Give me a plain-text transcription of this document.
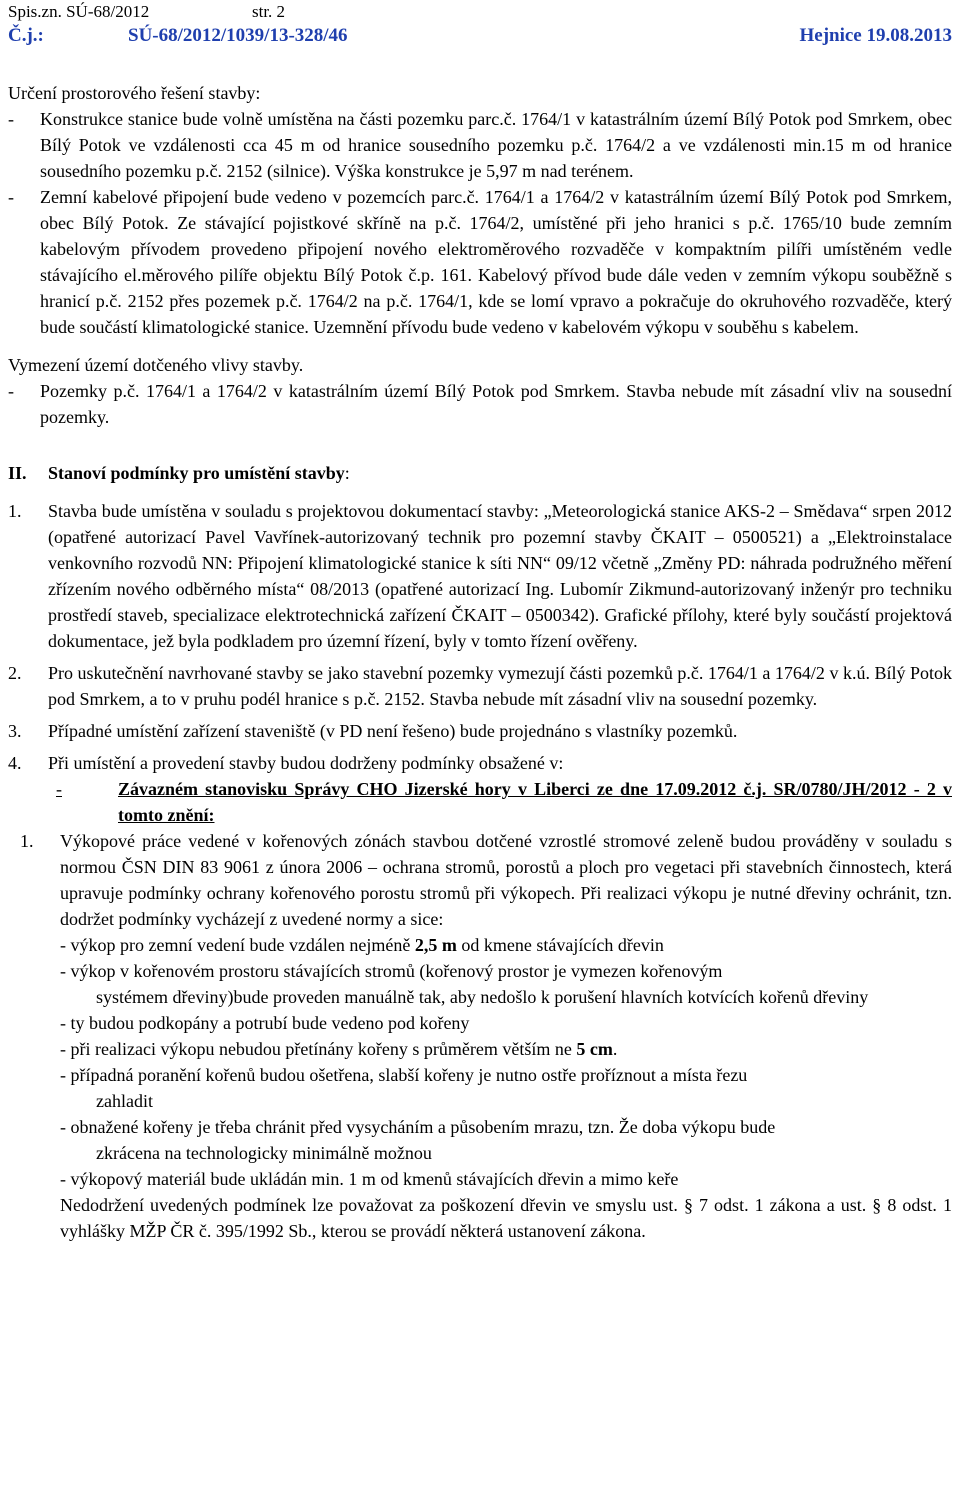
Spis.zn. SÚ-68/2012	str. 2
Č.j.:	SÚ-68/2012/1039/13-328/46	Hejnice 19.08.2013

Určení prostorového řešení stavby:

-	Konstrukce stanice bude volně umístěna na části pozemku parc.č. 1764/1 v katastrálním území Bílý Potok pod Smrkem, obec Bílý Potok ve vzdálenosti cca 45 m od hranice sousedního pozemku p.č. 1764/2 a ve vzdálenosti min.15 m od hranice sousedního pozemku p.č. 2152 (silnice). Výška konstrukce je 5,97 m nad terénem.
-	Zemní kabelové připojení bude vedeno v pozemcích parc.č. 1764/1 a 1764/2 v katastrálním území Bílý Potok pod Smrkem, obec Bílý Potok. Ze stávající pojistkové skříně na p.č. 1764/2, umístěné při jeho hranici s p.č. 1765/10 bude zemním kabelovým přívodem provedeno připojení nového elektroměrového rozvaděče v kompaktním pilíři umístěném vedle stávajícího el.měrového pilíře objektu Bílý Potok č.p. 161. Kabelový přívod bude dále veden v zemním výkopu souběžně s hranicí p.č. 2152 přes pozemek p.č. 1764/2 na p.č. 1764/1, kde se lomí vpravo a pokračuje do okruhového rozvaděče, který bude součástí klimatologické stanice. Uzemnění přívodu bude vedeno v kabelovém výkopu v souběhu s kabelem.

Vymezení území dotčeného vlivy stavby.

-	Pozemky p.č. 1764/1 a 1764/2 v katastrálním území Bílý Potok pod Smrkem. Stavba nebude mít zásadní vliv na sousední pozemky.
II.	Stanoví podmínky pro umístění stavby:
1.	Stavba bude umístěna v souladu s projektovou dokumentací stavby: „Meteorologická stanice AKS-2 – Smědava“ srpen 2012 (opatřené autorizací Pavel Vavřínek-autorizovaný technik pro pozemní stavby ČKAIT – 0500521) a „Elektroinstalace venkovního rozvodů NN: Připojení klimatologické stanice k síti NN“ 09/12 včetně „Změny PD: náhrada podružného měření zřízením nového odběrného místa“ 08/2013 (opatřené autorizací Ing. Lubomír Zikmund-autorizovaný inženýr pro techniku prostředí staveb, specializace elektrotechnická zařízení ČKAIT – 0500342). Grafické přílohy, které byly součástí projektová dokumentace, jež byla podkladem pro územní řízení, byly v tomto řízení ověřeny.
2.	Pro uskutečnění navrhované stavby se jako stavební pozemky vymezují části pozemků p.č. 1764/1 a 1764/2 v k.ú. Bílý Potok pod Smrkem, a to v pruhu podél hranice s p.č. 2152. Stavba nebude mít zásadní vliv na sousední pozemky.
3.	Případné umístění zařízení staveniště (v PD není řešeno) bude projednáno s vlastníky pozemků.
4.	Při umístění a provedení stavby budou dodrženy podmínky obsažené v:
-	Závazném stanovisku Správy CHO Jizerské hory v Liberci ze dne 17.09.2012 č.j. SR/0780/JH/2012 - 2 v tomto znění:
1.	Výkopové práce vedené v kořenových zónách stavbou dotčené vzrostlé stromové zeleně budou prováděny v souladu s normou ČSN DIN 83 9061 z února 2006 – ochrana stromů, porostů a ploch pro vegetaci při stavebních činnostech, která upravuje podmínky ochrany kořenového porostu stromů při výkopech. Při realizaci výkopu je nutné dřeviny ochránit, tzn. dodržet podmínky vycházejí z uvedené normy a sice:
- výkop pro zemní vedení bude vzdálen nejméně 2,5 m od kmene stávajících dřevin
- výkop v kořenovém prostoru stávajících stromů (kořenový prostor je vymezen kořenovým
systémem dřeviny)bude proveden manuálně tak, aby nedošlo k porušení hlavních kotvících kořenů dřeviny
- ty budou podkopány a potrubí bude vedeno pod kořeny
- při realizaci výkopu nebudou přetínány kořeny s průměrem větším ne 5 cm.
- případná poranění kořenů budou ošetřena, slabší kořeny je nutno ostře proříznout a místa řezu
zahladit
- obnažené kořeny je třeba chránit před vysycháním a působením mrazu, tzn. Že doba výkopu bude
zkrácena na technologicky minimálně možnou
- výkopový materiál bude ukládán min. 1 m od kmenů stávajících dřevin a mimo keře

Nedodržení uvedených podmínek lze považovat za poškození dřevin ve smyslu ust. § 7 odst. 1 zákona a ust. § 8 odst. 1 vyhlášky MŽP ČR č. 395/1992 Sb., kterou se provádí některá ustanovení zákona.
